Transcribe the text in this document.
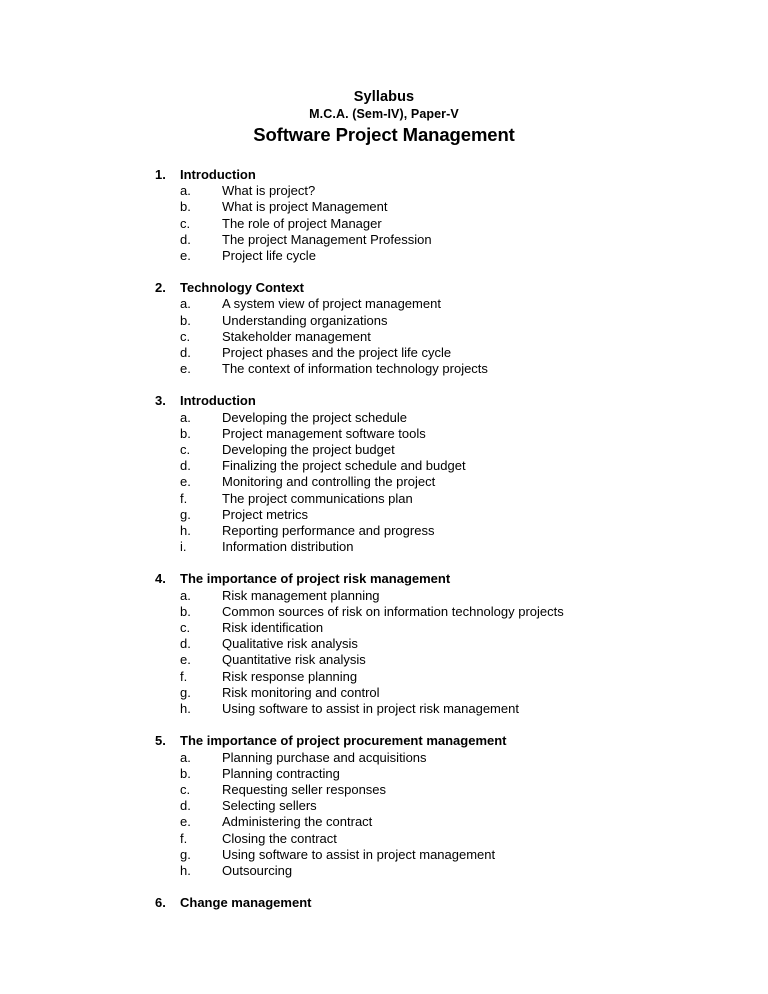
Syllabus
M.C.A. (Sem-IV), Paper-V
Software Project Management
1.	Introduction
a.	What is project?
b.	What is project Management
c.	The role of project Manager
d.	The project Management Profession
e.	Project life cycle
2.	Technology Context
a.	A system view of project management
b.	Understanding organizations
c.	Stakeholder management
d.	Project phases and the project life cycle
e.	The context of information technology projects
3.	Introduction
a.	Developing the project schedule
b.	Project management software tools
c.	Developing the project budget
d.	Finalizing the project schedule and budget
e.	Monitoring and controlling the project
f.	The project communications plan
g.	Project metrics
h.	Reporting performance and progress
i.	Information distribution
4.	The importance of project risk management
a.	Risk management planning
b.	Common sources of risk on information technology projects
c.	Risk identification
d.	Qualitative risk analysis
e.	Quantitative risk analysis
f.	Risk response planning
g.	Risk monitoring and control
h.	Using software to assist in project risk management
5.	The importance of project procurement management
a.	Planning purchase and acquisitions
b.	Planning contracting
c.	Requesting seller responses
d.	Selecting sellers
e.	Administering the contract
f.	Closing the contract
g.	Using software to assist in project management
h.	Outsourcing
6.	Change management
